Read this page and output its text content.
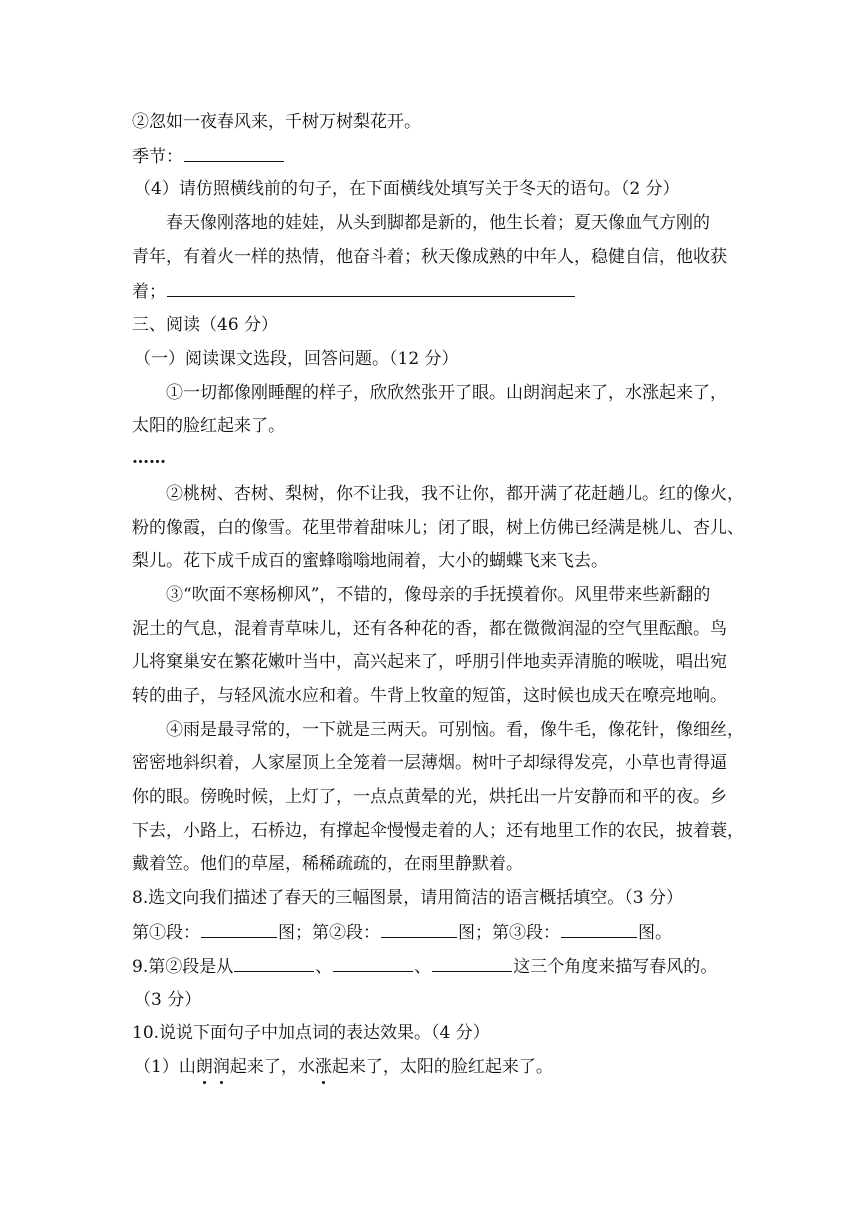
②忽如一夜春风来，千树万树梨花开。
季节：
（4）请仿照横线前的句子，在下面横线处填写关于冬天的语句。（2 分）
春天像刚落地的娃娃，从头到脚都是新的，他生长着；夏天像血气方刚的
青年，有着火一样的热情，他奋斗着；秋天像成熟的中年人，稳健自信，他收获
着；
三、阅读（46 分）
（一）阅读课文选段，回答问题。（12 分）
①一切都像刚睡醒的样子，欣欣然张开了眼。山朗润起来了，水涨起来了，
太阳的脸红起来了。
……
②桃树、杏树、梨树，你不让我，我不让你，都开满了花赶趟儿。红的像火，
粉的像霞，白的像雪。花里带着甜味儿；闭了眼，树上仿佛已经满是桃儿、杏儿、
梨儿。花下成千成百的蜜蜂嗡嗡地闹着，大小的蝴蝶飞来飞去。
③“吹面不寒杨柳风”，不错的，像母亲的手抚摸着你。风里带来些新翻的
泥土的气息，混着青草味儿，还有各种花的香，都在微微润湿的空气里酝酿。鸟
儿将窠巢安在繁花嫩叶当中，高兴起来了，呼朋引伴地卖弄清脆的喉咙，唱出宛
转的曲子，与轻风流水应和着。牛背上牧童的短笛，这时候也成天在嘹亮地响。
④雨是最寻常的，一下就是三两天。可别恼。看，像牛毛，像花针，像细丝，
密密地斜织着，人家屋顶上全笼着一层薄烟。树叶子却绿得发亮，小草也青得逼
你的眼。傍晚时候，上灯了，一点点黄晕的光，烘托出一片安静而和平的夜。乡
下去，小路上，石桥边，有撑起伞慢慢走着的人；还有地里工作的农民，披着蓑，
戴着笠。他们的草屋，稀稀疏疏的，在雨里静默着。
8.选文向我们描述了春天的三幅图景，请用简洁的语言概括填空。（3 分）
第①段：	图；第②段：	图；第③段：	图。
9.第②段是从	、	、	这三个角度来描写春风的。
（3 分）
10.说说下面句子中加点词的表达效果。（4 分）
（1）山朗润起来了，水涨起来了，太阳的脸红起来了。
